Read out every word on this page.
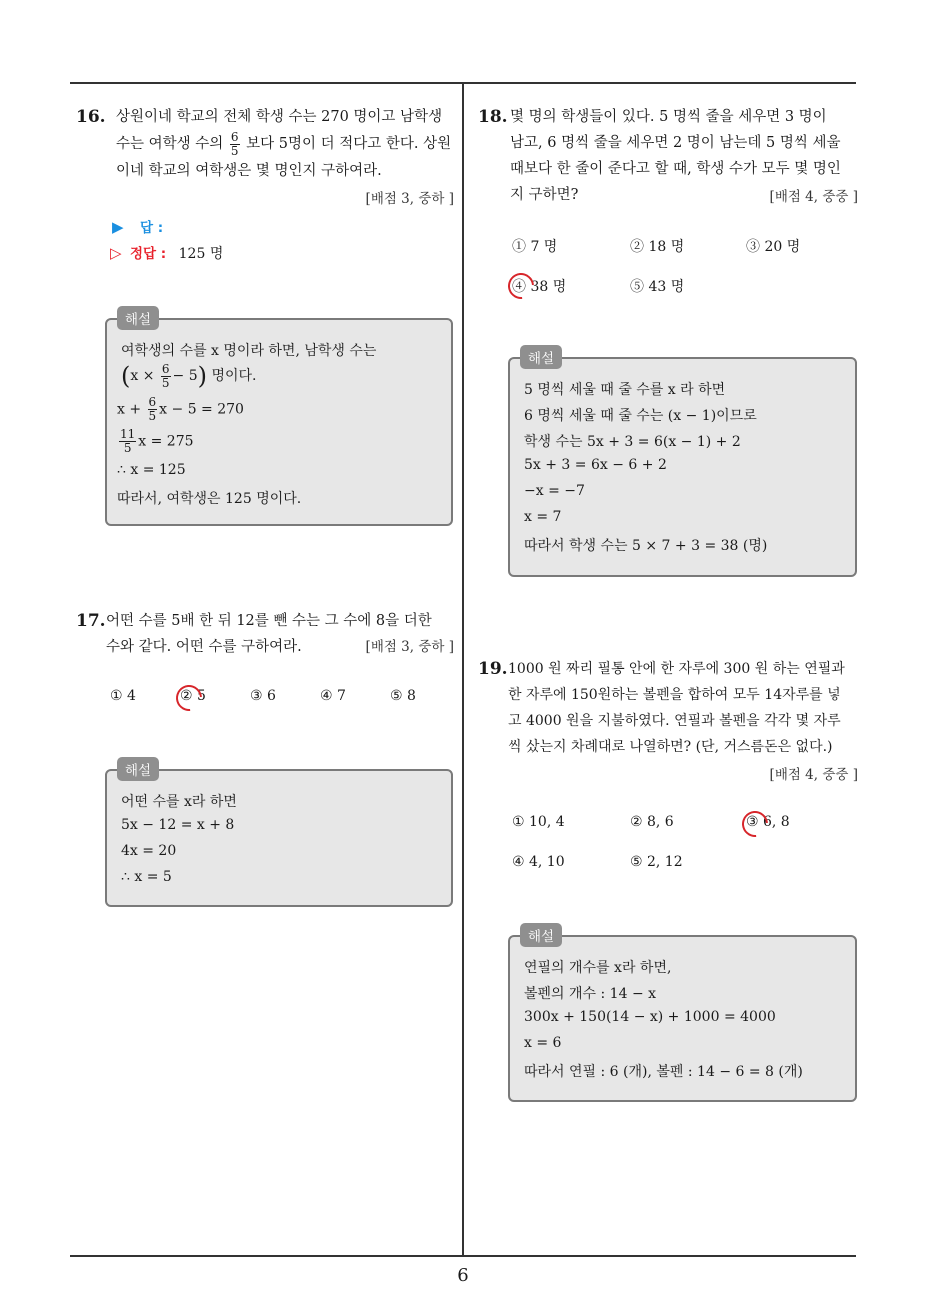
16. 상원이네 학교의 전체 학생 수는 270 명이고 남학생
수는 여학생 수의 $\frac{6}{5}$ 보다 5명이 더 적다고 한다. 상원
이네 학교의 여학생은 몇 명인지 구하여라.
[배점 3, 중하 ]
▶ 답 :
▷ 정답 : 125 명
해설
여학생의 수를 x 명이라 하면, 남학생 수는
$(x \times \frac{6}{5} - 5)$ 명이다.
$x + \frac{6}{5}$ x − 5 = 270
$\frac{11}{5}$ x = 275
∴ x = 125
따라서, 여학생은 125 명이다.
17. 어떤 수를 5배 한 뒤 12를 뺀 수는 그 수에 8을 더한
수와 같다. 어떤 수를 구하여라.	[배점 3, 중하 ]
① 4	② 5	③ 6	④ 7	⑤ 8
해설
어떤 수를 x라 하면
5x − 12 = x + 8
4x = 20
∴ x = 5
18. 몇 명의 학생들이 있다. 5 명씩 줄을 세우면 3 명이
남고, 6 명씩 줄을 세우면 2 명이 남는데 5 명씩 세울
때보다 한 줄이 준다고 할 때, 학생 수가 모두 몇 명인
지 구하면?	[배점 4, 중중 ]
① 7 명	② 18 명	③ 20 명
④ 38 명	⑤ 43 명
해설
5 명씩 세울 때 줄 수를 x 라 하면
6 명씩 세울 때 줄 수는 (x − 1)이므로
학생 수는 5x + 3 = 6(x − 1) + 2
5x + 3 = 6x − 6 + 2
−x = −7
x = 7
따라서 학생 수는 5 × 7 + 3 = 38 (명)
19. 1000 원 짜리 필통 안에 한 자루에 300 원 하는 연필과
한 자루에 150원하는 볼펜을 합하여 모두 14자루를 넣
고 4000 원을 지불하였다. 연필과 볼펜을 각각 몇 자루
씩 샀는지 차례대로 나열하면? (단, 거스름돈은 없다.)
[배점 4, 중중 ]
① 10, 4	② 8, 6	③ 6, 8
④ 4, 10	⑤ 2, 12
해설
연필의 개수를 x라 하면,
볼펜의 개수 : 14 − x
300x + 150(14 − x) + 1000 = 4000
x = 6
따라서 연필 : 6 (개), 볼펜 : 14 − 6 = 8 (개)
6
